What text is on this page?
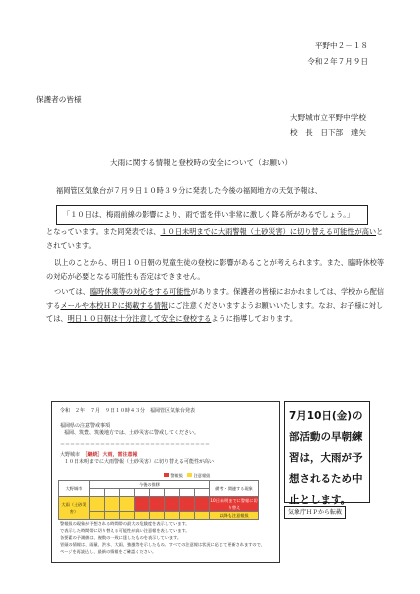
平野中２－１８
令和２年７月９日
保護者の皆様
大野城市立平野中学校
校　長　日下部　達矢
大雨に関する情報と登校時の安全について（お願い）
福岡管区気象台が７月９日１０時３９分に発表した今後の福岡地方の天気予報は、
「１０日は、梅雨前線の影響により、雨で雷を伴い非常に激しく降る所があるでしょう。」
となっています。また同発表では、１０日未明までに大雨警報（土砂災害）に切り替える可能性が高いとされています。
以上のことから、明日１０日朝の児童生徒の登校に影響があることが考えられます。また、臨時休校等の対応が必要となる可能性も否定はできません。
ついては、臨時休業等の対応をする可能性があります。保護者の皆様におかれましては、学校から配信するメールや本校ＨＰに掲載する情報にご注意くださいますようお願いいたします。なお、お子様に対しては、明日１０日朝は十分注意して安全に登校するように指導しております。
令和　２年　７月　９日１０時４３分　福岡管区気象台発表
福岡県の注意警戒事項
福岡、筑豊、筑後地方では、土砂災害に警戒してください。
＝＝＝＝＝＝＝＝＝＝＝＝＝＝＝＝＝＝＝＝＝＝＝＝＝＝＝＝＝＝
大野城市　 ［継続］大雨，雷注意報
１０日未明までに大雨警報（土砂災害）に切り替える可能性が高い
大野城市	今後の推移								備考・関連する現象

大雨（土砂災害）									10日未明までに警報に切り替え
									以降も注意報級
警報級	注意報級
警報級の現象が予想される時間帯の最大の危険度を表示しています。
で表示した時間帯に切り替える可能性が高い注意報を表しています。
各要素の予測値は、複数の一致に達したものを表示しています。
冒頭の情報は、雨量、洪水、大雨、強風等を示したもの。すべての注意報は状況に応じて更新されますので、
ページを再読込し、最新の情報をご確認ください。
7月10日(金)の部活動の早朝練習は，大雨が予想されるため中止とします。
気象庁ＨＰから転載
